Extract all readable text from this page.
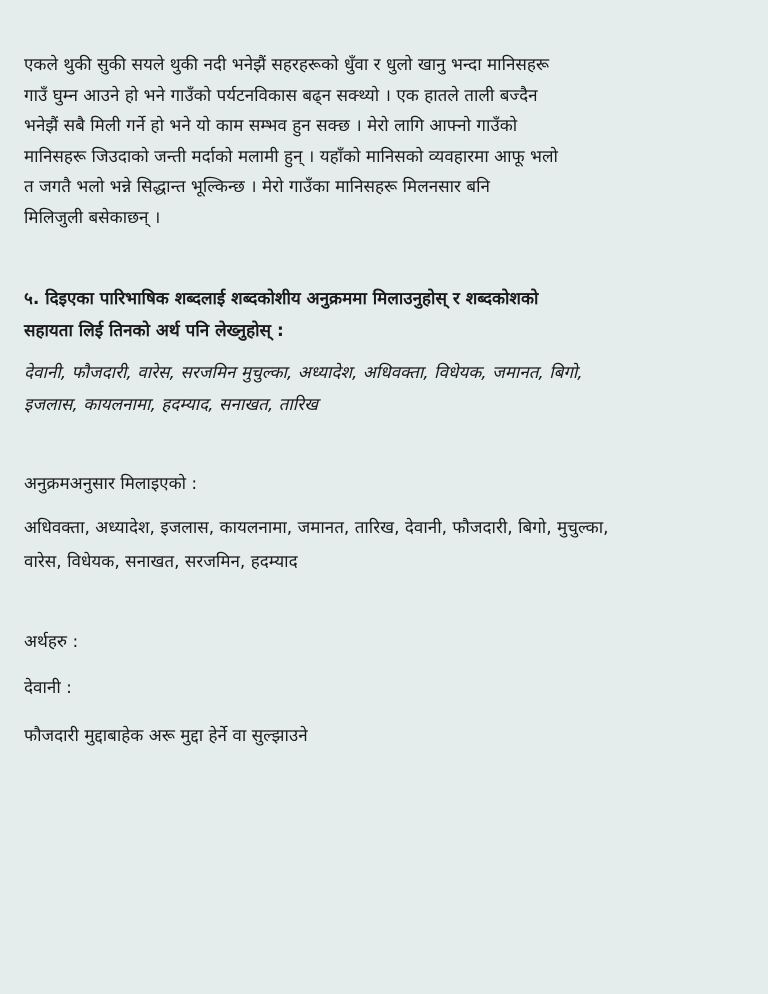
एकले थुकी सुकी सयले थुकी नदी भनेझैं सहरहरूको धुँवा र धुलो खानु भन्दा मानिसहरू
गाउँ घुम्न आउने हो भने गाउँको पर्यटनविकास बढ्न सक्थ्यो । एक हातले ताली बज्दैन
भनेझैं सबै मिली गर्ने हो भने यो काम सम्भव हुन सक्छ । मेरो लागि आफ्नो गाउँको
मानिसहरू जिउदाको जन्ती मर्दाको मलामी हुन् । यहाँको मानिसको व्यवहारमा आफू भलो
त जगतै भलो भन्ने सिद्धान्त भूल्किन्छ । मेरो गाउँका मानिसहरू मिलनसार बनि
मिलिजुली बसेकाछन् ।
५. दिइएका पारिभाषिक शब्दलाई शब्दकोशीय अनुक्रममा मिलाउनुहोस् र शब्दकोशको
सहायता लिई तिनको अर्थ पनि लेख्नुहोस् :
देवानी, फौजदारी, वारेस, सरजमिन मुचुल्का, अध्यादेश, अधिवक्ता, विधेयक, जमानत, बिगो,
इजलास, कायलनामा, हदम्याद, सनाखत, तारिख
अनुक्रमअनुसार मिलाइएको :
अधिवक्ता, अध्यादेश, इजलास, कायलनामा, जमानत, तारिख, देवानी, फौजदारी, बिगो, मुचुल्का,
वारेस, विधेयक, सनाखत, सरजमिन, हदम्याद
अर्थहरु :
देवानी :
फौजदारी मुद्दाबाहेक अरू मुद्दा हेर्ने वा सुल्झाउने
